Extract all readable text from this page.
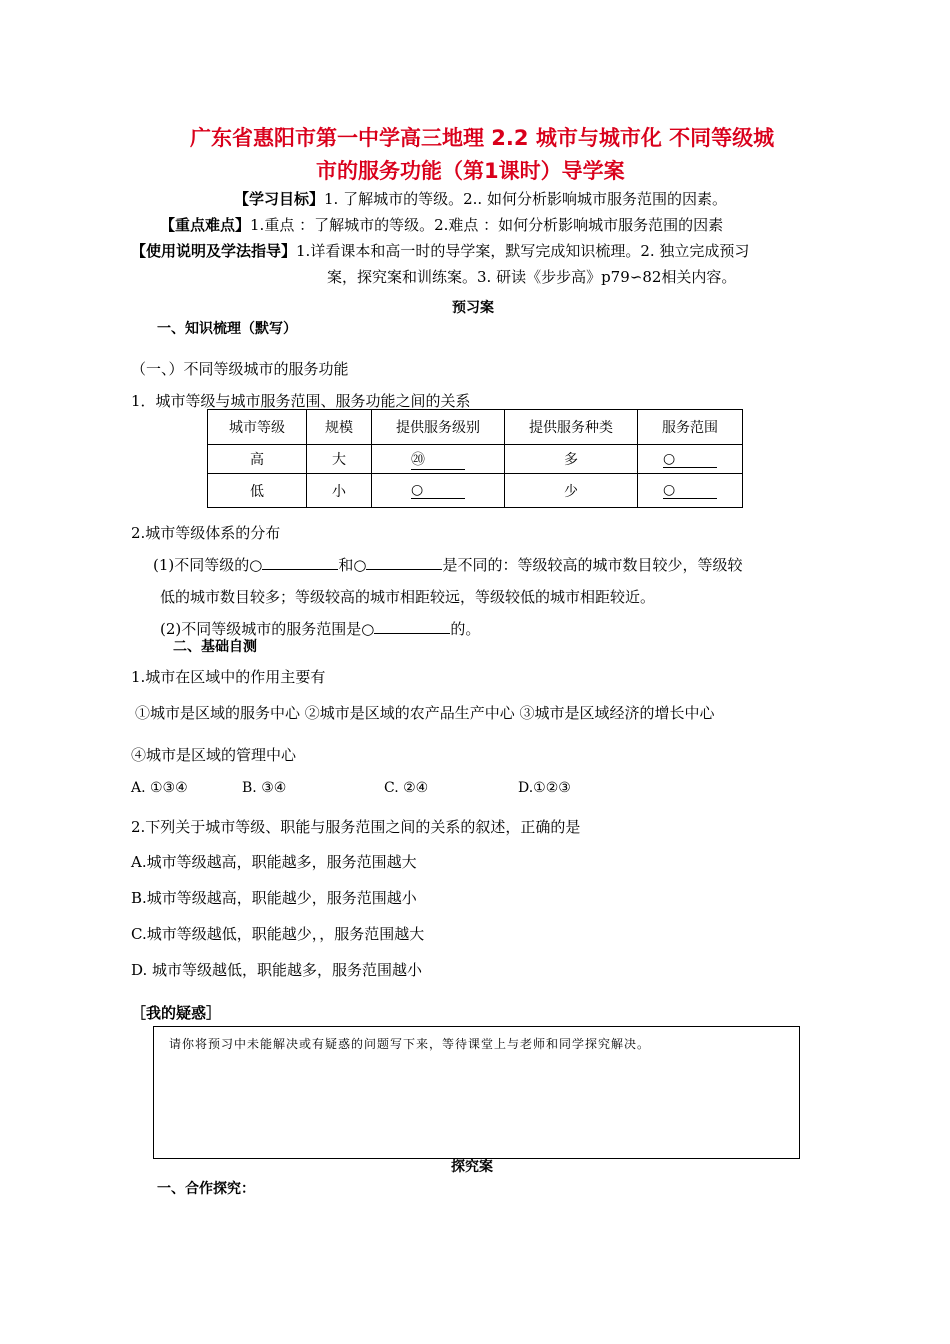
广东省惠阳市第一中学高三地理 2.2 城市与城市化 不同等级城
市的服务功能（第1课时）导学案
【学习目标】1. 了解城市的等级。2.. 如何分析影响城市服务范围的因素。
【重点难点】1.重点 ：了解城市的等级。2.难点 ：如何分析影响城市服务范围的因素
【使用说明及学法指导】1.详看课本和高一时的导学案，默写完成知识梳理。2. 独立完成预习
案，探究案和训练案。3. 研读《步步高》p79∽82相关内容。
预习案
一、知识梳理（默写）
（一、）不同等级城市的服务功能
1．城市等级与城市服务范围、服务功能之间的关系
城市等级	规模	提供服务级别	提供服务种类	服务范围
高	大	⑳	多	○
低	小	○	少	○
2.城市等级体系的分布
(1)不同等级的○	和○	是不同的：等级较高的城市数目较少，等级较
低的城市数目较多；等级较高的城市相距较远，等级较低的城市相距较近。
(2)不同等级城市的服务范围是○	的。
二、基础自测
1.城市在区域中的作用主要有
①城市是区域的服务中心 ②城市是区域的农产品生产中心 ③城市是区域经济的增长中心
④城市是区域的管理中心
A. ①③④	B. ③④	C. ②④	D.①②③
2.下列关于城市等级、职能与服务范围之间的关系的叙述，正确的是
A.城市等级越高，职能越多，服务范围越大
B.城市等级越高，职能越少，服务范围越小
C.城市等级越低，职能越少，，服务范围越大
D. 城市等级越低，职能越多，服务范围越小
［我的疑惑］
请你将预习中未能解决或有疑惑的问题写下来，等待课堂上与老师和同学探究解决。
探究案
一、合作探究：
